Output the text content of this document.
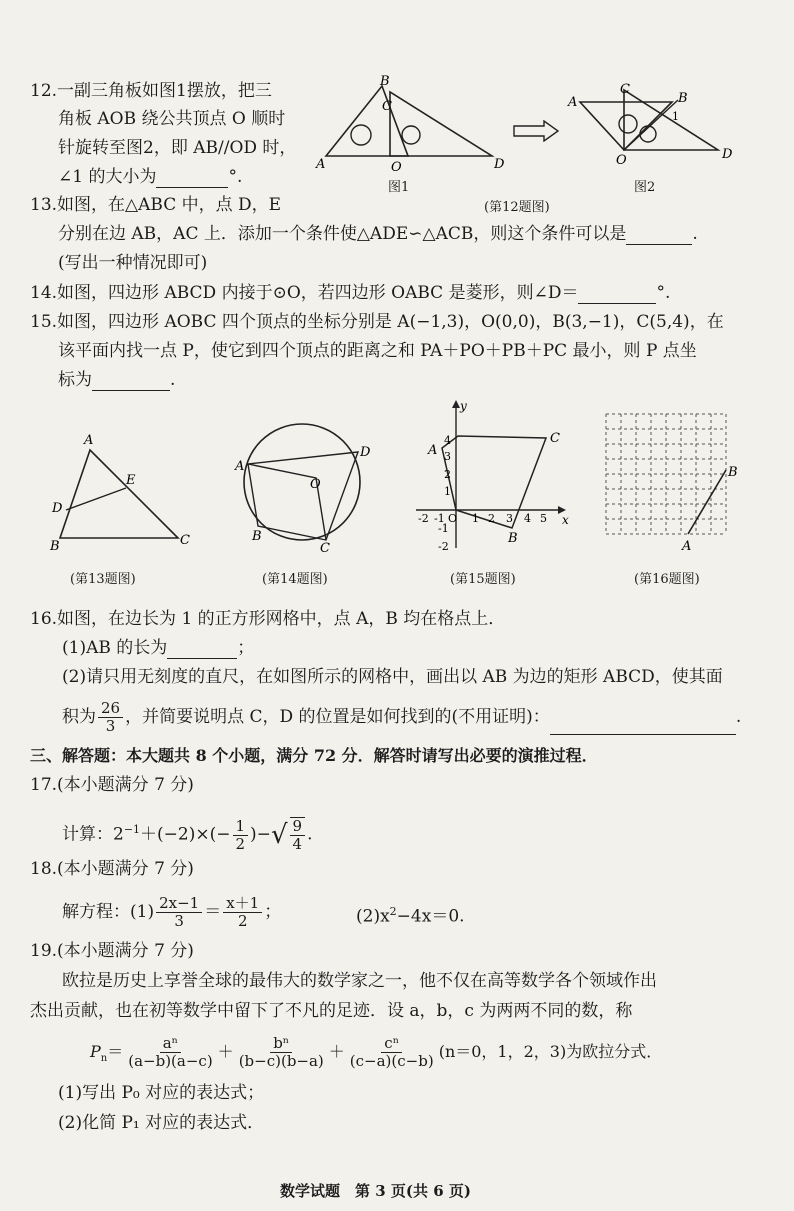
12.一副三角板如图1摆放，把三
角板 AOB 绕公共顶点 O 顺时
针旋转至图2，即 AB//OD 时，
∠1 的大小为	°.
A
B
C
O	D
图1
A	B
C
O	D
1
图2
(第12题图)
13.如图，在△ABC 中，点 D，E
分别在边 AB，AC 上．添加一个条件使△ADE∽△ACB，则这个条件可以是	.
(写出一种情况即可)
14.如图，四边形 ABCD 内接于⊙O，若四边形 OABC 是菱形，则∠D＝	°.
15.如图，四边形 AOBC 四个顶点的坐标分别是 A(−1,3)，O(0,0)，B(3,−1)，C(5,4)，在
该平面内找一点 P，使它到四个顶点的距离之和 PA＋PO＋PB＋PC 最小，则 P 点坐
标为	.
A
B	C
D
E
A
B
C
D
O
y
x
A
B
C
4
3
2
1
-1
-2
-2 -1 O 1 2 3 4 5
A
B
(第13题图)	(第14题图)	(第15题图)	(第16题图)
16.如图，在边长为 1 的正方形网格中，点 A，B 均在格点上．
(1)AB 的长为	；
(2)请只用无刻度的直尺，在如图所示的网格中，画出以 AB 为边的矩形 ABCD，使其面
积为 $\frac{26}{3}$ ，并简要说明点 C，D 的位置是如何找到的(不用证明)：	.
三、解答题：本大题共 8 个小题，满分 72 分．解答时请写出必要的演推过程．
17.(本小题满分 7 分)
计算：$2^{-1}+(-2)\times(- \frac{1}{2}$ )−√ $\frac{9}{4}$ .
18.(本小题满分 7 分)
解方程：$(1) \frac{2x-1}{3} = \frac{x+1}{2}$ ；	$(2)x^2-4x=0$.
19.(本小题满分 7 分)
欧拉是历史上享誉全球的最伟大的数学家之一，他不仅在高等数学各个领域作出
杰出贡献，也在初等数学中留下了不凡的足迹．设 a，b，c 为两两不同的数，称
$P_n= \frac{\text{aⁿ}}{(a-b)(a-c)} + \frac{\text{bⁿ}}{(b-c)(b-a)} + \frac{\text{cⁿ}}{(c-a)(c-b)} (n=0$，1，2，3)为欧拉分式．
(1)写出 P₀ 对应的表达式；
(2)化简 P₁ 对应的表达式．
数学试题　第 3 页(共 6 页)
